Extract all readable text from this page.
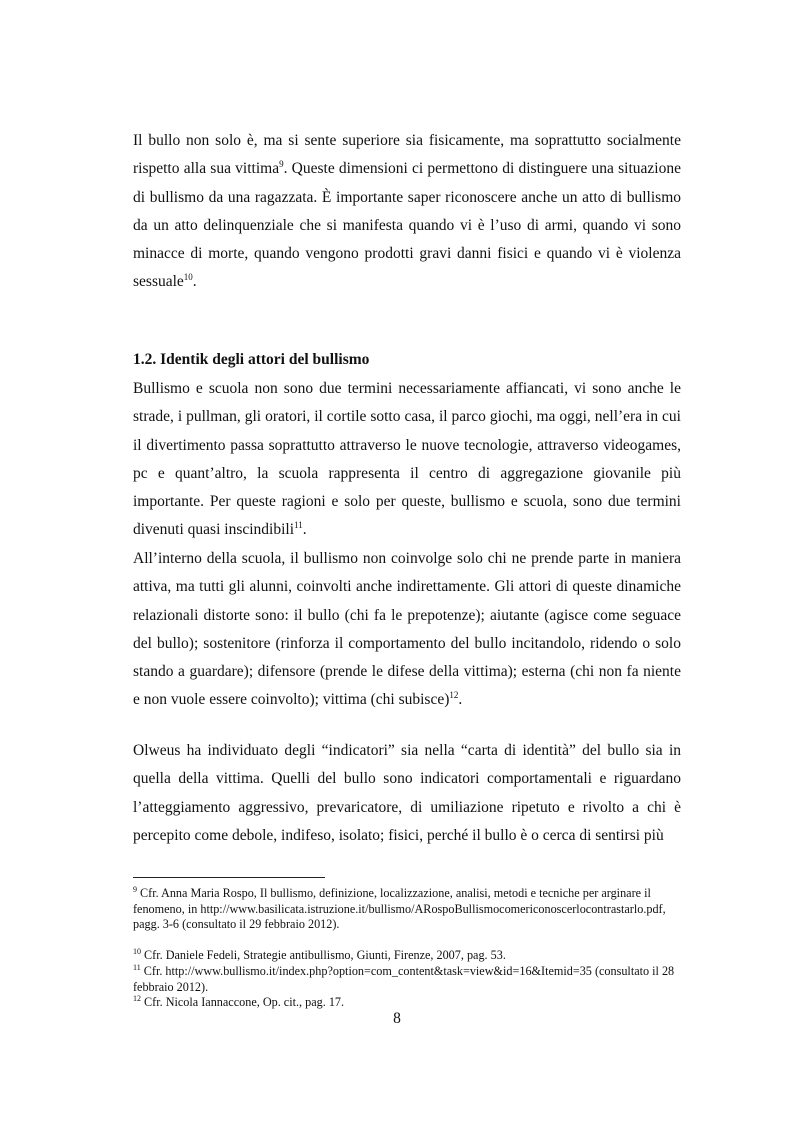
Il bullo non solo è, ma si sente superiore sia fisicamente, ma soprattutto socialmente rispetto alla sua vittima$^9$. Queste dimensioni ci permettono di distinguere una situazione di bullismo da una ragazzata. È importante saper riconoscere anche un atto di bullismo da un atto delinquenziale che si manifesta quando vi è l’uso di armi, quando vi sono minacce di morte, quando vengono prodotti gravi danni fisici e quando vi è violenza sessuale$^{10}$.
1.2. Identik degli attori del bullismo
Bullismo e scuola non sono due termini necessariamente affiancati, vi sono anche le strade, i pullman, gli oratori, il cortile sotto casa, il parco giochi, ma oggi, nell’era in cui il divertimento passa soprattutto attraverso le nuove tecnologie, attraverso videogames, pc e quant’altro, la scuola rappresenta il centro di aggregazione giovanile più importante. Per queste ragioni e solo per queste, bullismo e scuola, sono due termini divenuti quasi inscindibili$^{11}$.
All’interno della scuola, il bullismo non coinvolge solo chi ne prende parte in maniera attiva, ma tutti gli alunni, coinvolti anche indirettamente. Gli attori di queste dinamiche relazionali distorte sono: il bullo (chi fa le prepotenze); aiutante (agisce come seguace del bullo); sostenitore (rinforza il comportamento del bullo incitandolo, ridendo o solo stando a guardare); difensore (prende le difese della vittima); esterna (chi non fa niente e non vuole essere coinvolto); vittima (chi subisce)$^{12}$.
Olweus ha individuato degli “indicatori” sia nella “carta di identità” del bullo sia in quella della vittima. Quelli del bullo sono indicatori comportamentali e riguardano l’atteggiamento aggressivo, prevaricatore, di umiliazione ripetuto e rivolto a chi è percepito come debole, indifeso, isolato; fisici, perché il bullo è o cerca di sentirsi più
$^9$ Cfr. Anna Maria Rospo, Il bullismo, definizione, localizzazione, analisi, metodi e tecniche per arginare il fenomeno, in http://www.basilicata.istruzione.it/bullismo/ARospoBullismocomericonoscerlocontrastarlo.pdf, pagg. 3-6 (consultato il 29 febbraio 2012).
$^{10}$ Cfr. Daniele Fedeli, Strategie antibullismo, Giunti, Firenze, 2007, pag. 53.
$^{11}$ Cfr. http://www.bullismo.it/index.php?option=com_content&task=view&id=16&Itemid=35 (consultato il 28 febbraio 2012).
$^{12}$ Cfr. Nicola Iannaccone, Op. cit., pag. 17.
8
